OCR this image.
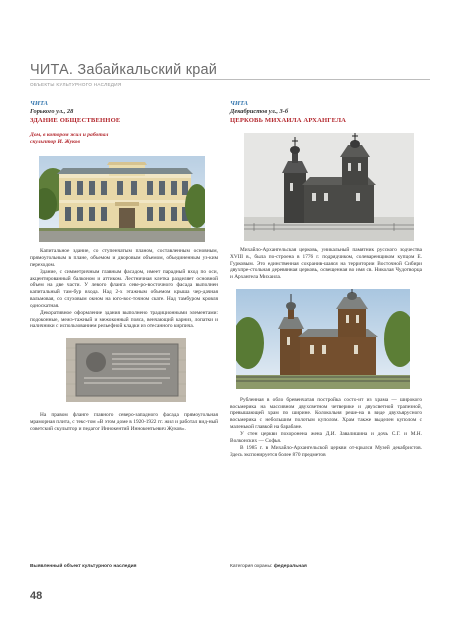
ЧИТА. Забайкальский край
ОБЪЕКТЫ КУЛЬТУРНОГО НАСЛЕДИЯ
ЧИТА
Горького ул., 28
ЗДАНИЕ ОБЩЕСТВЕННОЕ
Дом, в котором жил и работал
скульптор И. Жуков

Капитальное здание, со ступенчатым планом, составленным основным, прямоугольным в плане, объемом и дворовым объемом, объединенным уз-ким переходом.

Здание, с симметричным главным фасадом, имеет парадный вход по оси, акцентированный балконом и аттиком. Лестничная клетка разделяет основной объем на две части. У левого фланга севе-ро-восточного фасада выполнен капитальный там-бур входа. Над 2-х этажным объемом крыша чер-дачная вальмовая, со слуховым окном на юго-вос-точном скате. Над тамбуром кровля односкатная.

Декоративное оформление здания выполнено традиционными элементами: подоконные, межэ-тажный и межоконный пояса, венчающий карниз, лопатки и наличники с использованием рельефной кладки из отесанного кирпича.

На правом фланге главного северо-западного фасада прямоугольная мраморная плита, с текс-том «В этом доме в 1920-1922 гг. жил и работал вид-ный советский скульптор и педагог Иннокентий Иннокентьевич Жуков».

Выявленный объект культурного наследия
ЧИТА
Декабристов ул., 3-б
ЦЕРКОВЬ МИХАИЛА АРХАНГЕЛА

Михайло-Архангельская церковь, уникальный памятник русского зодчества XVIII в., была по-строена в 1776 г. подрядчиком, солеваренщиком купцом Е. Гурковым. Это единственная сохранив-шаяся на территории Восточной Сибири двухпре-стольная деревянная церковь, освещенная во имя св. Николая Чудотворца и Архангела Михаила.

Рубленная в обло бревенчатая постройка состо-ит из храма — широкого восьмерика на массивном двухсветном четверике и двухсветной трапезной, превышающей храм по ширине. Колокольня реше-на в виде двухъярусного восьмерика с небольшим полотым куполом. Храм также выделен куполом с маленькой главкой на барабане.

У стен церкви похоронена жена Д.И. Завалишина и дочь С.Г. и М.Н. Волконских — Софья.

В 1985 г. в Михайло-Архангельской церкви от-крылся Музей декабристов. Здесь экспонируется более 870 предметов

Категория охраны: федеральная
48
